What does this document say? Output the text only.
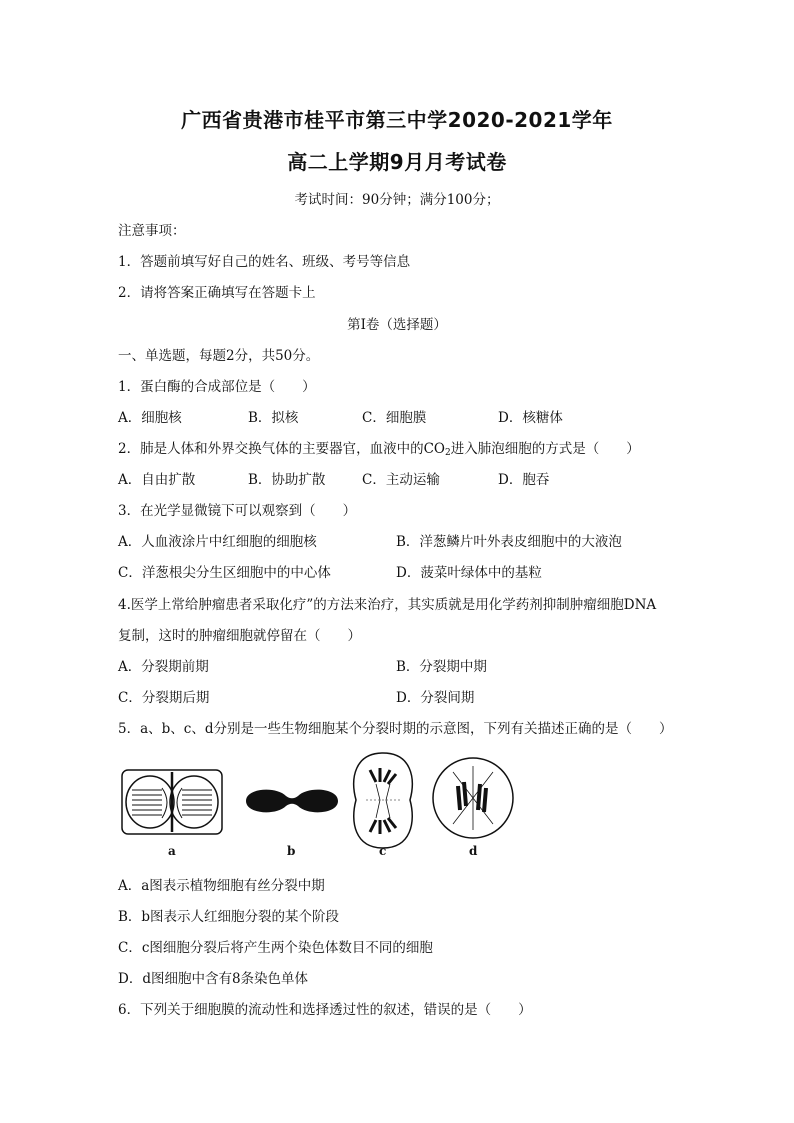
广西省贵港市桂平市第三中学2020-2021学年
高二上学期9月月考试卷
考试时间：90分钟；满分100分；
注意事项：
1．答题前填写好自己的姓名、班级、考号等信息
2．请将答案正确填写在答题卡上
第I卷（选择题）
一、单选题，每题2分，共50分。
1．蛋白酶的合成部位是（　　）
A．细胞核	B．拟核	C．细胞膜	D．核糖体
2．肺是人体和外界交换气体的主要器官，血液中的$CO_2$进入肺泡细胞的方式是（　　）
A．自由扩散	B．协助扩散	C．主动运输	D．胞吞
3．在光学显微镜下可以观察到（　　）
A．人血液涂片中红细胞的细胞核	B．洋葱鳞片叶外表皮细胞中的大液泡
C．洋葱根尖分生区细胞中的中心体	D．菠菜叶绿体中的基粒
4.医学上常给肿瘤患者采取化疗”的方法来治疗，其实质就是用化学药剂抑制肿瘤细胞DNA
复制，这时的肿瘤细胞就停留在（　　）
A．分裂期前期	B．分裂期中期
C．分裂期后期	D．分裂间期
5．a、b、c、d分别是一些生物细胞某个分裂时期的示意图，下列有关描述正确的是（　　）
a	b	c	d
A．a图表示植物细胞有丝分裂中期
B．b图表示人红细胞分裂的某个阶段
C．c图细胞分裂后将产生两个染色体数目不同的细胞
D．d图细胞中含有8条染色单体
6．下列关于细胞膜的流动性和选择透过性的叙述，错误的是（　　）
